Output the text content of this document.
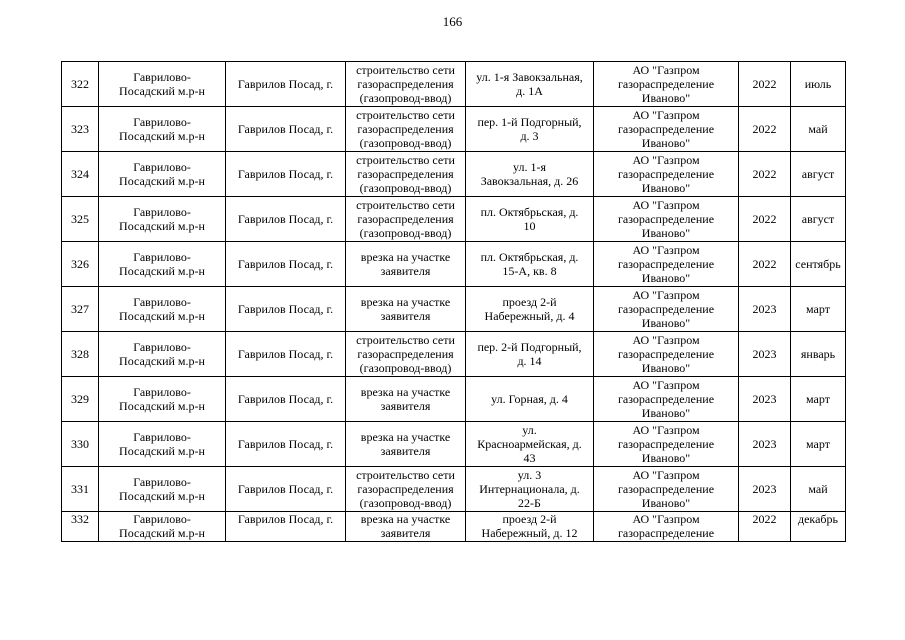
166
322	Гаврилово-
Посадский м.р-н	Гаврилов Посад, г.	строительство сети
газораспределения
(газопровод-ввод)	ул. 1-я Завокзальная,
д. 1А	АО "Газпром
газораспределение
Иваново"	2022	июль

323	Гаврилово-
Посадский м.р-н	Гаврилов Посад, г.	строительство сети
газораспределения
(газопровод-ввод)	пер. 1-й Подгорный,
д. 3	АО "Газпром
газораспределение
Иваново"	2022	май

324	Гаврилово-
Посадский м.р-н	Гаврилов Посад, г.	строительство сети
газораспределения
(газопровод-ввод)	ул. 1-я
Завокзальная, д. 26	АО "Газпром
газораспределение
Иваново"	2022	август

325	Гаврилово-
Посадский м.р-н	Гаврилов Посад, г.	строительство сети
газораспределения
(газопровод-ввод)	пл. Октябрьская, д.
10	АО "Газпром
газораспределение
Иваново"	2022	август

326	Гаврилово-
Посадский м.р-н	Гаврилов Посад, г.	врезка на участке
заявителя	пл. Октябрьская, д.
15-А, кв. 8	АО "Газпром
газораспределение
Иваново"	2022	сентябрь

327	Гаврилово-
Посадский м.р-н	Гаврилов Посад, г.	врезка на участке
заявителя	проезд 2-й
Набережный, д. 4	АО "Газпром
газораспределение
Иваново"	2023	март

328	Гаврилово-
Посадский м.р-н	Гаврилов Посад, г.	строительство сети
газораспределения
(газопровод-ввод)	пер. 2-й Подгорный,
д. 14	АО "Газпром
газораспределение
Иваново"	2023	январь

329	Гаврилово-
Посадский м.р-н	Гаврилов Посад, г.	врезка на участке
заявителя	ул. Горная, д. 4	АО "Газпром
газораспределение
Иваново"	2023	март

330	Гаврилово-
Посадский м.р-н	Гаврилов Посад, г.	врезка на участке
заявителя	ул.
Красноармейская, д.
43	АО "Газпром
газораспределение
Иваново"	2023	март

331	Гаврилово-
Посадский м.р-н	Гаврилов Посад, г.	строительство сети
газораспределения
(газопровод-ввод)	ул. 3
Интернационала, д.
22-Б	АО "Газпром
газораспределение
Иваново"	2023	май

332	Гаврилово-
Посадский м.р-н	Гаврилов Посад, г.	врезка на участке
заявителя	проезд 2-й
Набережный, д. 12	АО "Газпром
газораспределение	2022	декабрь
